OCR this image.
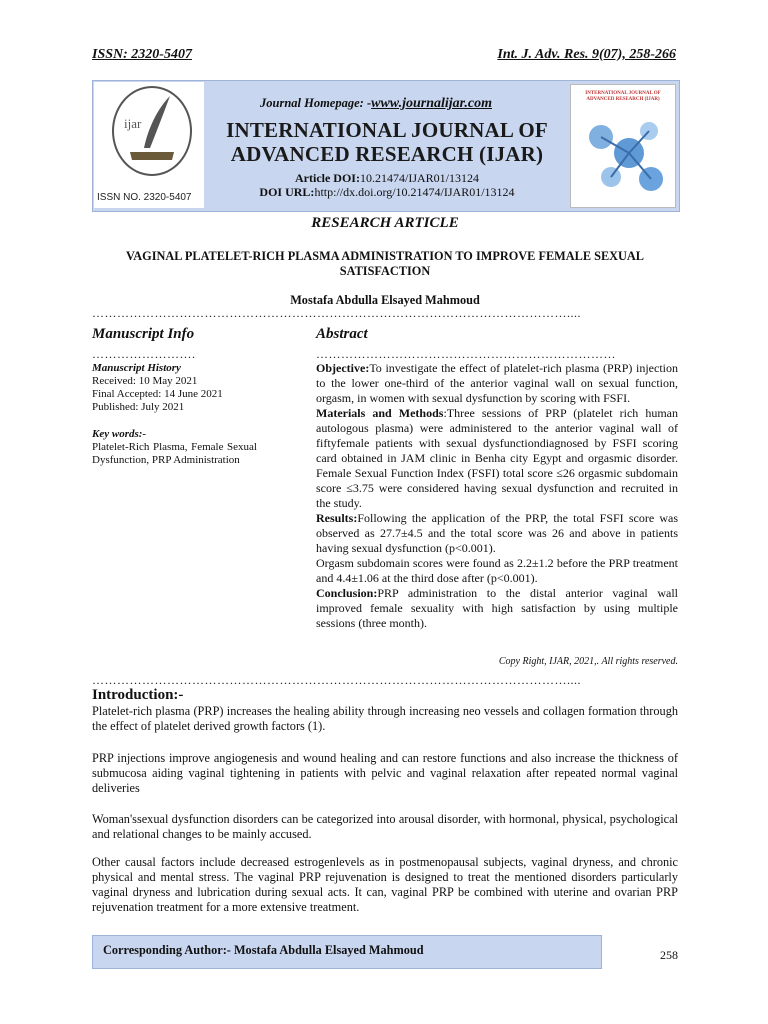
ISSN: 2320-5407	Int. J. Adv. Res. 9(07), 258-266
ijar
ISSN NO. 2320-5407
Journal Homepage: -www.journalijar.com
INTERNATIONAL JOURNAL OF
ADVANCED RESEARCH (IJAR)
Article DOI:10.21474/IJAR01/13124
DOI URL:http://dx.doi.org/10.21474/IJAR01/13124
INTERNATIONAL JOURNAL OF ADVANCED RESEARCH (IJAR)
RESEARCH ARTICLE
VAGINAL PLATELET-RICH PLASMA ADMINISTRATION TO IMPROVE FEMALE SEXUAL SATISFACTION
Mostafa Abdulla Elsayed Mahmoud
……………………………………………………………………………………………………....
Manuscript Info
…………………….
Manuscript History
Received: 10 May 2021
Final Accepted: 14 June 2021
Published: July 2021
Key words:-
Platelet-Rich Plasma, Female Sexual Dysfunction, PRP Administration
Abstract
………………………………………………………………
Objective:To investigate the effect of platelet-rich plasma (PRP) injection to the lower one-third of the anterior vaginal wall on sexual function, orgasm, in women with sexual dysfunction by scoring with FSFI.
Materials and Methods:Three sessions of PRP (platelet rich human autologous plasma) were administered to the anterior vaginal wall of fiftyfemale patients with sexual dysfunctiondiagnosed by FSFI scoring card obtained in JAM clinic in Benha city Egypt and orgasmic disorder. Female Sexual Function Index (FSFI) total score ≤26 orgasmic subdomain score ≤3.75 were considered having sexual dysfunction and recruited in the study.
Results:Following the application of the PRP, the total FSFI score was observed as 27.7±4.5 and the total score was 26 and above in patients having sexual dysfunction (p<0.001).
Orgasm subdomain scores were found as 2.2±1.2 before the PRP treatment and 4.4±1.06 at the third dose after (p<0.001).
Conclusion:PRP administration to the distal anterior vaginal wall improved female sexuality with high satisfaction by using multiple sessions (three month).
Copy Right, IJAR, 2021,. All rights reserved.
……………………………………………………………………………………………………....
Introduction:-
Platelet-rich plasma (PRP) increases the healing ability through increasing neo vessels and collagen formation through the effect of platelet derived growth factors (1).
PRP injections improve angiogenesis and wound healing and can restore functions and also increase the thickness of submucosa aiding vaginal tightening in patients with pelvic and vaginal relaxation after repeated normal vaginal deliveries
Woman'ssexual dysfunction disorders can be categorized into arousal disorder, with hormonal, physical, psychological and relational changes to be mainly accused.
Other causal factors include decreased estrogenlevels as in postmenopausal subjects, vaginal dryness, and chronic physical and mental stress. The vaginal PRP rejuvenation is designed to treat the mentioned disorders particularly vaginal dryness and lubrication during sexual acts. It can, vaginal PRP be combined with uterine and ovarian PRP rejuvenation treatment for a more extensive treatment.
Corresponding Author:- Mostafa Abdulla Elsayed Mahmoud	258
